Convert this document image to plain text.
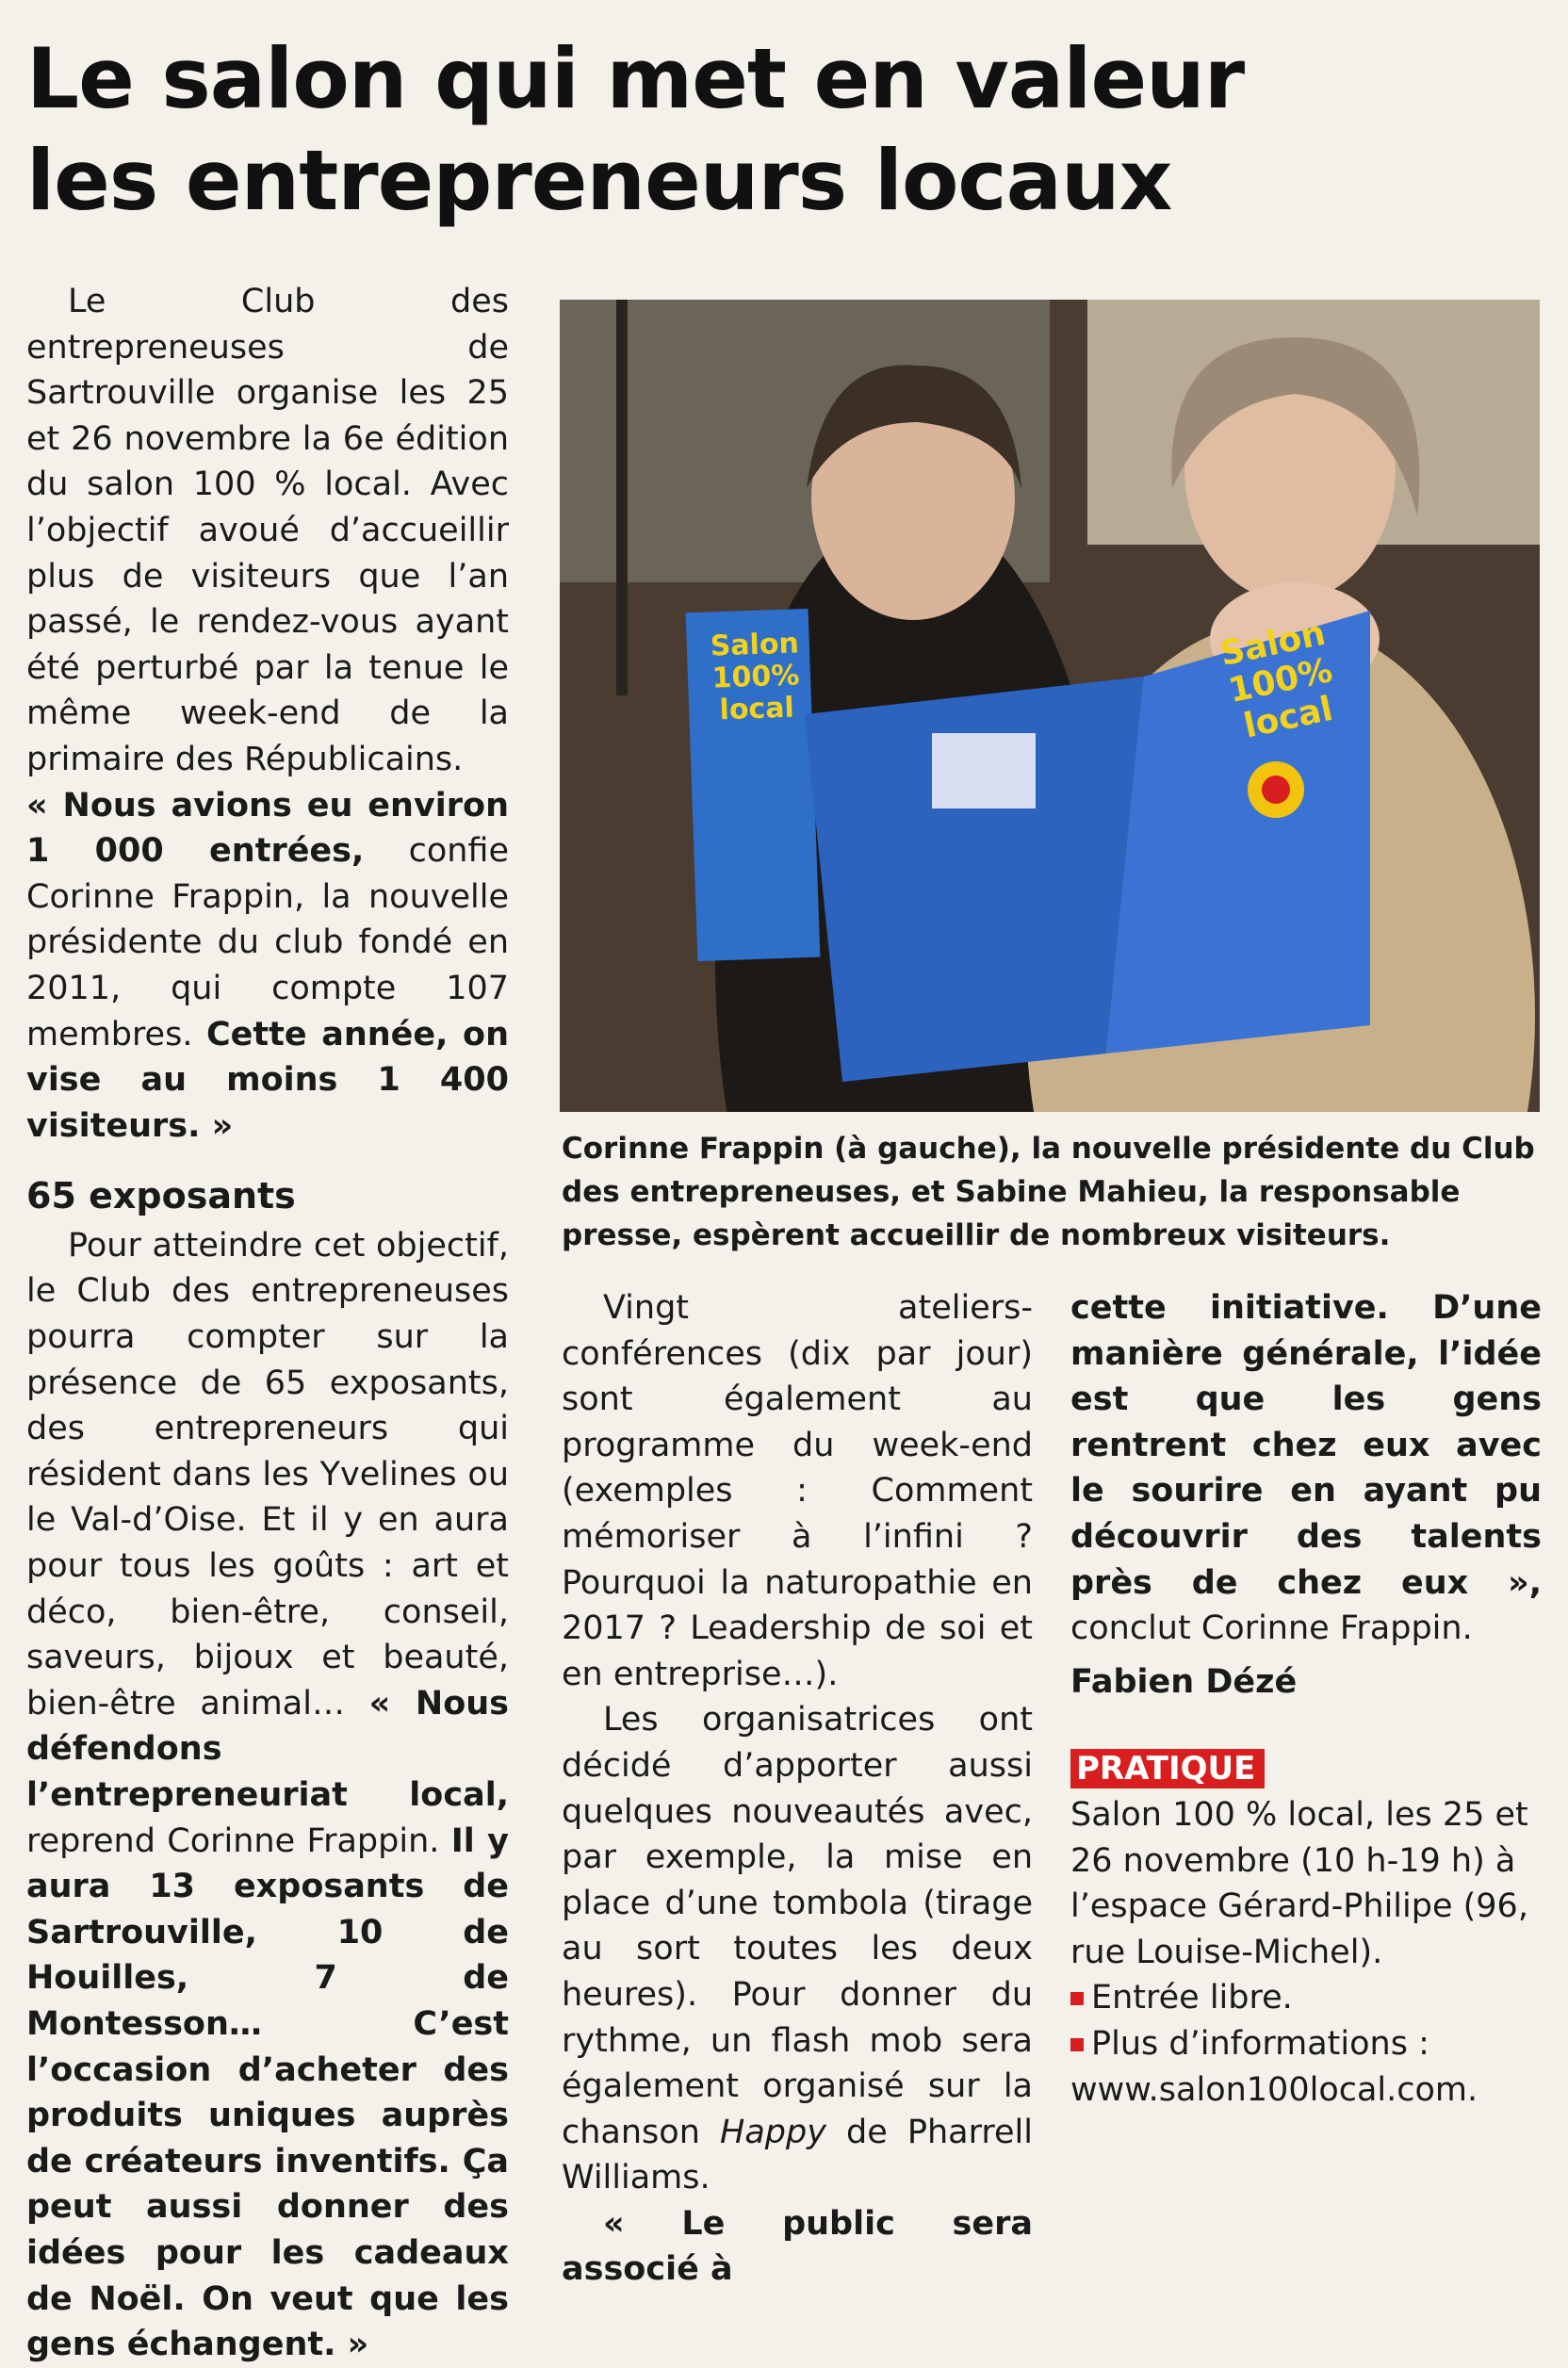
Le salon qui met en valeur
les entrepreneurs locaux

Le Club des entrepreneuses de Sartrouville organise les 25 et 26 novembre la 6e édition du salon 100 % local. Avec l’objectif avoué d’accueillir plus de visiteurs que l’an passé, le rendez-vous ayant été perturbé par la tenue le même week-end de la primaire des Républicains.

« Nous avions eu environ 1 000 entrées, confie Corinne Frappin, la nouvelle présidente du club fondé en 2011, qui compte 107 membres. Cette année, on vise au moins 1 400 visiteurs. »

65 exposants

Pour atteindre cet objectif, le Club des entrepreneuses pourra compter sur la présence de 65 exposants, des entrepreneurs qui résident dans les Yvelines ou le Val-d’Oise. Et il y en aura pour tous les goûts : art et déco, bien-être, conseil, saveurs, bijoux et beauté, bien-être animal… « Nous défendons l’entrepreneuriat local, reprend Corinne Frappin. Il y aura 13 exposants de Sartrouville, 10 de Houilles, 7 de Montesson… C’est l’occasion d’acheter des produits uniques auprès de créateurs inventifs. Ça peut aussi donner des idées pour les cadeaux de Noël. On veut que les gens échangent. »

Salon 100% local
Salon 100% local
Corinne Frappin (à gauche), la nouvelle présidente du Club des entrepreneuses, et Sabine Mahieu, la responsable presse, espèrent accueillir de nombreux visiteurs.

Vingt ateliers-conférences (dix par jour) sont également au programme du week-end (exemples : Comment mémoriser à l’infini ? Pourquoi la naturopathie en 2017 ? Leadership de soi et en entreprise…).

Les organisatrices ont décidé d’apporter aussi quelques nouveautés avec, par exemple, la mise en place d’une tombola (tirage au sort toutes les deux heures). Pour donner du rythme, un flash mob sera également organisé sur la chanson Happy de Pharrell Williams.

« Le public sera associé à

cette initiative. D’une manière générale, l’idée est que les gens rentrent chez eux avec le sourire en ayant pu découvrir des talents près de chez eux », conclut Corinne Frappin.

Fabien Dézé

PRATIQUE

Salon 100 % local, les 25 et 26 novembre (10 h-19 h) à l’espace Gérard-Philipe (96, rue Louise-Michel).

Entrée libre.

Plus d’informations : www.salon100local.com.
